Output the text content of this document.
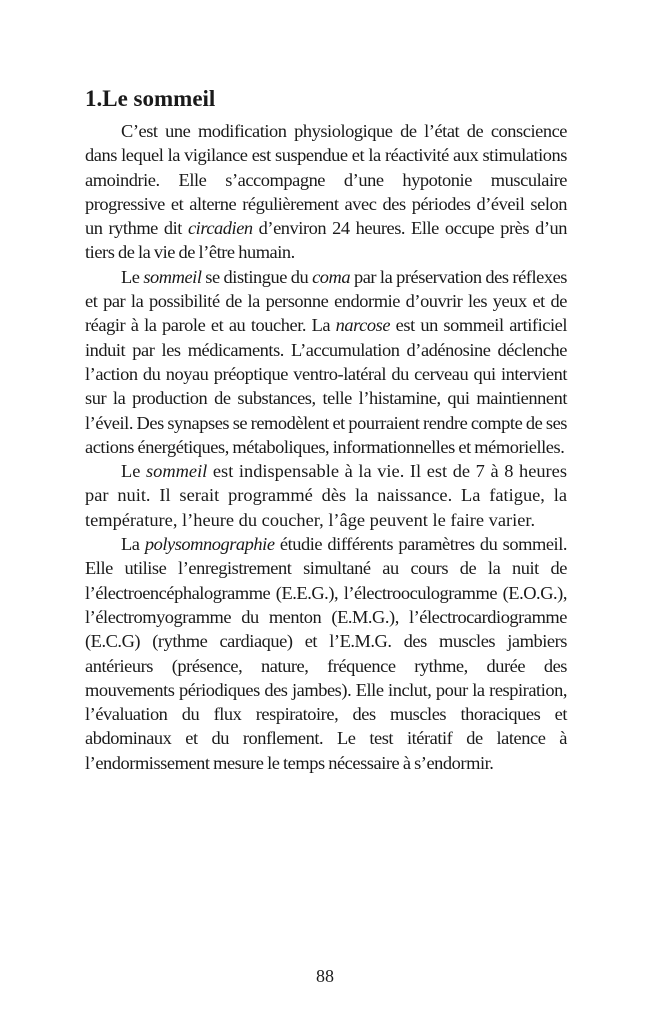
1.Le sommeil

C’est une modification physiologique de l’état de conscience dans lequel la vigilance est suspendue et la réactivité aux stimulations amoindrie. Elle s’accompagne d’une hypotonie musculaire progressive et alterne régulièrement avec des périodes d’éveil selon un rythme dit circadien d’environ 24 heures. Elle occupe près d’un tiers de la vie de l’être humain.

Le sommeil se distingue du coma par la préservation des réflexes et par la possibilité de la personne endormie d’ouvrir les yeux et de réagir à la parole et au toucher. La narcose est un sommeil artificiel induit par les médicaments. L’accumulation d’adénosine déclenche l’action du noyau préoptique ventro-latéral du cerveau qui intervient sur la production de substances, telle l’histamine, qui maintiennent l’éveil. Des synapses se remodèlent et pourraient rendre compte de ses actions énergétiques, métaboliques, informationnelles et mémorielles.

Le sommeil est indispensable à la vie. Il est de 7 à 8 heures par nuit. Il serait programmé dès la naissance. La fatigue, la température, l’heure du coucher, l’âge peuvent le faire varier.

La polysomnographie étudie différents paramètres du sommeil. Elle utilise l’enregistrement simultané au cours de la nuit de l’électroencéphalogramme (E.E.G.), l’électrooculogramme (E.O.G.), l’électromyogramme du menton (E.M.G.), l’électrocardiogramme (E.C.G) (rythme cardiaque) et l’E.M.G. des muscles jambiers antérieurs (présence, nature, fréquence rythme, durée des mouvements périodiques des jambes). Elle inclut, pour la respiration, l’évaluation du flux respiratoire, des muscles thoraciques et abdominaux et du ronflement. Le test itératif de latence à l’endormissement mesure le temps nécessaire à s’endormir.

88
